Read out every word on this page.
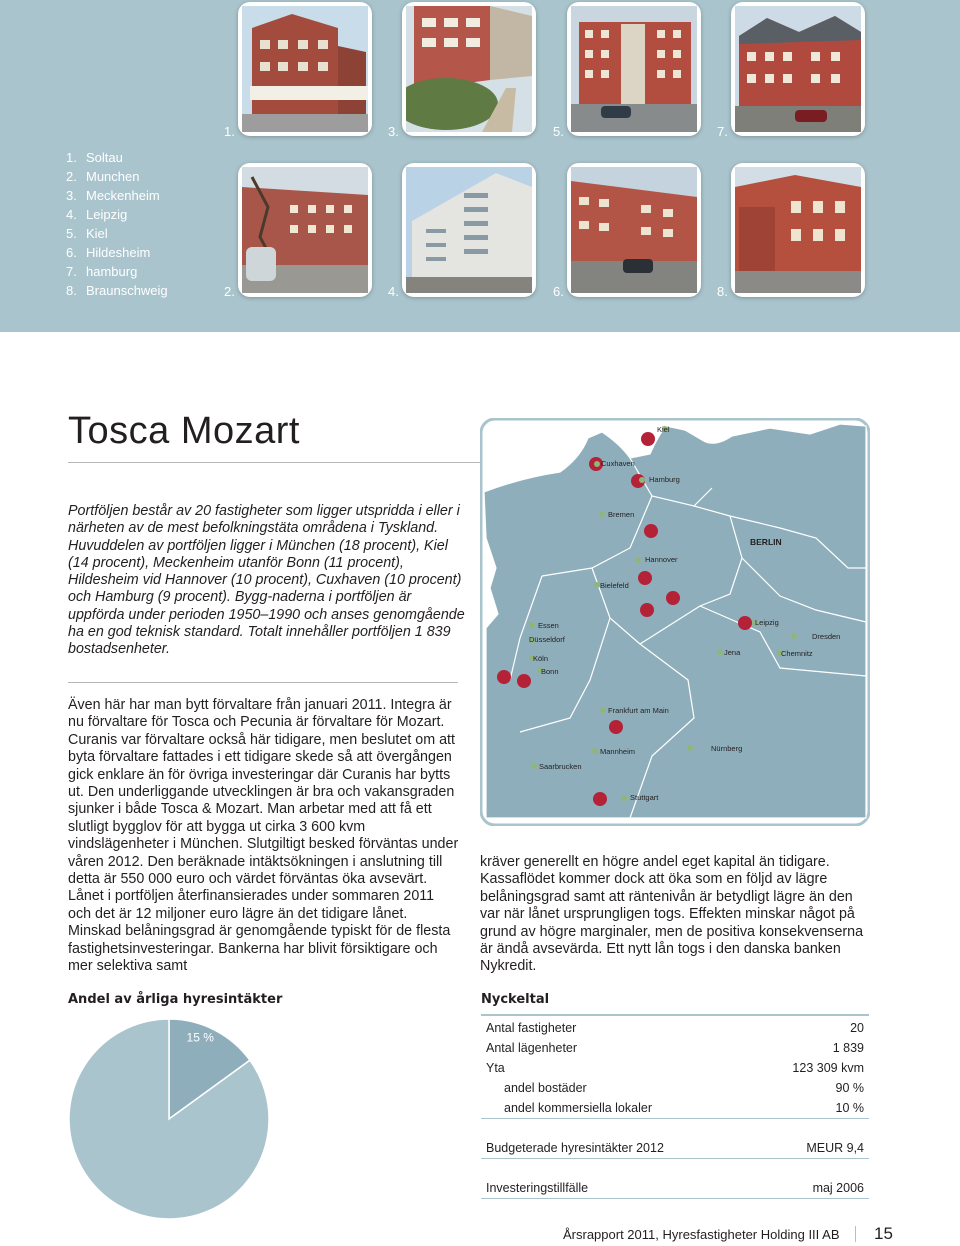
1. Soltau
2. Munchen
3. Meckenheim
4. Leipzig
5. Kiel
6. Hildesheim
7. hamburg
8. Braunschweig
1.	3.	5.	7.
2.	4.	6.	8.
Tosca Mozart

Portföljen består av 20 fastigheter som ligger utspridda i eller i närheten av de mest befolkningstäta områdena i Tyskland. Huvuddelen av portföljen ligger i München (18 procent), Kiel (14 procent), Meckenheim utanför Bonn (11 procent), Hildesheim vid Hannover (10 procent), Cuxhaven (10 procent) och Hamburg (9 procent). Bygg-naderna i portföljen är uppförda under perioden 1950–1990 och anses genomgående ha en god teknisk standard. Totalt innehåller portföljen 1 839 bostadsenheter.

Även här har man bytt förvaltare från januari 2011. Integra är nu förvaltare för Tosca och Pecunia är förvaltare för Mozart. Curanis var förvaltare också här tidigare, men beslutet om att byta förvaltare fattades i ett tidigare skede så att övergången gick enklare än för övriga investeringar där Curanis har bytts ut. Den underliggande utvecklingen är bra och vakansgraden sjunker i både Tosca & Mozart. Man arbetar med att få ett slutligt bygglov för att bygga ut cirka 3 600 kvm vindslägenheter i München. Slutgiltigt besked förväntas under våren 2012. Den beräknade intäktsökningen i anslutning till detta är 550 000 euro och värdet förväntas öka avsevärt. Lånet i portföljen återfinansierades under sommaren 2011 och det är 12 miljoner euro lägre än det tidigare lånet. Minskad belåningsgrad är genomgående typiskt för de flesta fastighetsinvesteringar. Bankerna har blivit försiktigare och mer selektiva samt

kräver generellt en högre andel eget kapital än tidigare. Kassaflödet kommer dock att öka som en följd av lägre belåningsgrad samt att räntenivån är betydligt lägre än den var när lånet ursprungligen togs. Effekten minskar något på grund av högre marginaler, men de positiva konsekvenserna är ändå avsevärda. Ett nytt lån togs i den danska banken Nykredit.

Kiel
Cuxhaven
Hamburg
Bremen
Hannover
Bielefeld
BERLIN
Essen
Düsseldorf
Köln
Bonn
Leipzig
Dresden
Jena	Chemnitz
Frankfurt am Main
Saarbrucken
Mannheim	Nürnberg
Stuttgart
Andel av årliga hyresintäkter
15 %
Nyckeltal
Antal fastigheter	20
Antal lägenheter	1 839
Yta	123 309 kvm
andel bostäder	90 %
andel kommersiella lokaler	10 %
Budgeterade hyresintäkter 2012	MEUR 9,4
Investeringstillfälle	maj 2006
Årsrapport 2011, Hyresfastigheter Holding III AB 15
